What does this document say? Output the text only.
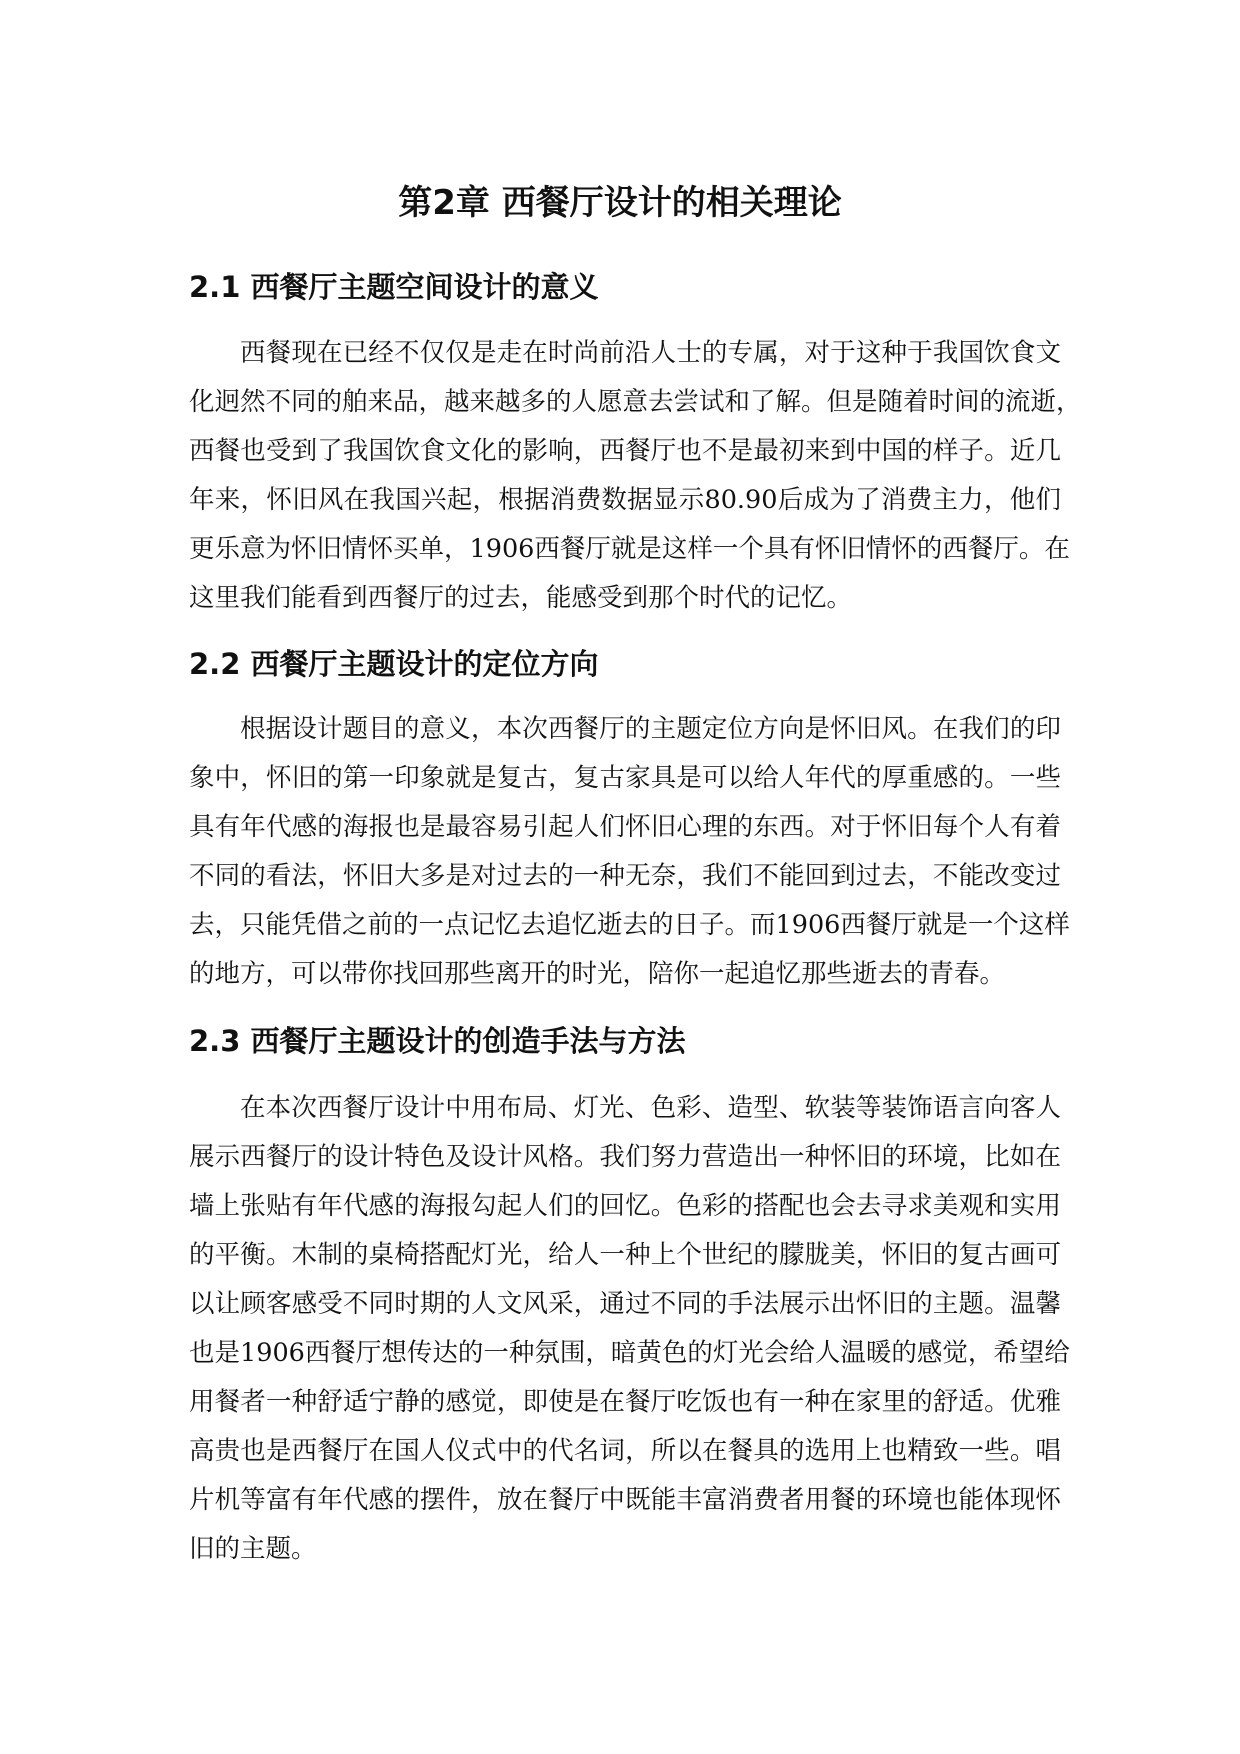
第2章 西餐厅设计的相关理论
2.1 西餐厅主题空间设计的意义
西餐现在已经不仅仅是走在时尚前沿人士的专属，对于这种于我国饮食文
化迥然不同的舶来品，越来越多的人愿意去尝试和了解。但是随着时间的流逝，
西餐也受到了我国饮食文化的影响，西餐厅也不是最初来到中国的样子。近几
年来，怀旧风在我国兴起，根据消费数据显示80.90后成为了消费主力，他们
更乐意为怀旧情怀买单，1906西餐厅就是这样一个具有怀旧情怀的西餐厅。在
这里我们能看到西餐厅的过去，能感受到那个时代的记忆。
2.2 西餐厅主题设计的定位方向
根据设计题目的意义，本次西餐厅的主题定位方向是怀旧风。在我们的印
象中，怀旧的第一印象就是复古，复古家具是可以给人年代的厚重感的。一些
具有年代感的海报也是最容易引起人们怀旧心理的东西。对于怀旧每个人有着
不同的看法，怀旧大多是对过去的一种无奈，我们不能回到过去，不能改变过
去，只能凭借之前的一点记忆去追忆逝去的日子。而1906西餐厅就是一个这样
的地方，可以带你找回那些离开的时光，陪你一起追忆那些逝去的青春。
2.3 西餐厅主题设计的创造手法与方法
在本次西餐厅设计中用布局、灯光、色彩、造型、软装等装饰语言向客人
展示西餐厅的设计特色及设计风格。我们努力营造出一种怀旧的环境，比如在
墙上张贴有年代感的海报勾起人们的回忆。色彩的搭配也会去寻求美观和实用
的平衡。木制的桌椅搭配灯光，给人一种上个世纪的朦胧美，怀旧的复古画可
以让顾客感受不同时期的人文风采，通过不同的手法展示出怀旧的主题。温馨
也是1906西餐厅想传达的一种氛围，暗黄色的灯光会给人温暖的感觉，希望给
用餐者一种舒适宁静的感觉，即使是在餐厅吃饭也有一种在家里的舒适。优雅
高贵也是西餐厅在国人仪式中的代名词，所以在餐具的选用上也精致一些。唱
片机等富有年代感的摆件，放在餐厅中既能丰富消费者用餐的环境也能体现怀
旧的主题。
